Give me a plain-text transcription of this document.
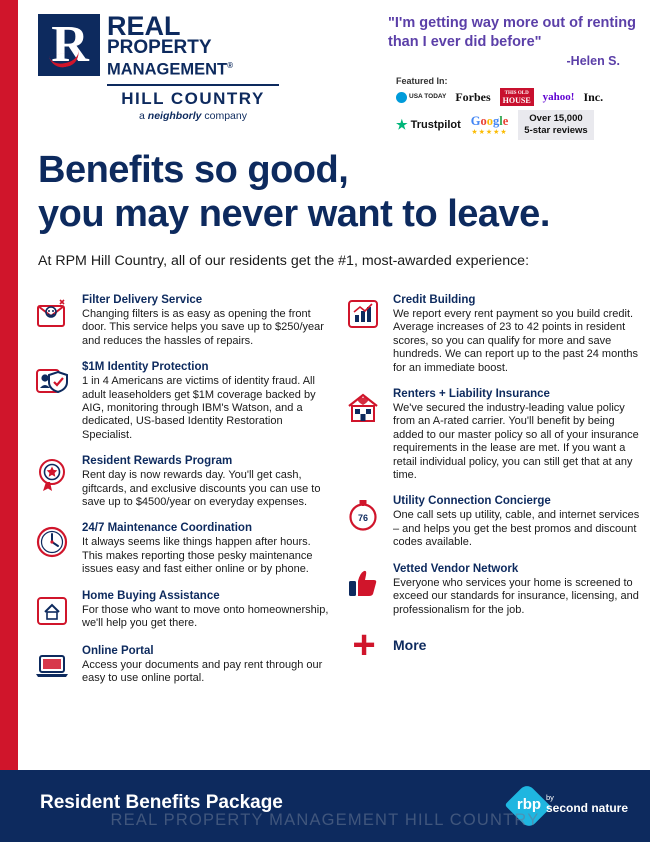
R REAL
PROPERTY
MANAGEMENT®
HILL COUNTRY
a neighborly company
"I'm getting way more out of renting than I ever did before"
-Helen S.
Featured In:
USA TODAY Forbes	THIS OLD
HOUSE yahoo! Inc.
★ Trustpilot Google
★★★★★
Over 15,000
5-star reviews
Benefits so good,
you may never want to leave.
At RPM Hill Country, all of our residents get the #1, most-awarded experience:
Filter Delivery Service
Changing filters is as easy as opening the front door. This service helps you save up to $250/year and reduces the hassles of repairs.
$1M Identity Protection
1 in 4 Americans are victims of identity fraud. All adult leaseholders get $1M coverage backed by AIG, monitoring through IBM's Watson, and a dedicated, US-based Identity Restoration Specialist.
Resident Rewards Program
Rent day is now rewards day. You'll get cash, giftcards, and exclusive discounts you can use to save up to $4500/year on everyday expenses.
24/7 Maintenance Coordination
It always seems like things happen after hours. This makes reporting those pesky maintenance issues easy and fast either online or by phone.
Home Buying Assistance
For those who want to move onto homeownership, we'll help you get there.
Online Portal
Access your documents and pay rent through our easy to use online portal.
Credit Building
We report every rent payment so you build credit. Average increases of 23 to 42 points in resident scores, so you can qualify for more and save hundreds. We can report up to the past 24 months for an immediate boost.
Renters + Liability Insurance
We've secured the industry-leading value policy from an A-rated carrier. You'll benefit by being added to our master policy so all of your insurance requirements in the lease are met. If you want a retail individual policy, you can still get that at any time.
76
Utility Connection Concierge
One call sets up utility, cable, and internet services – and helps you get the best promos and discount codes available.
Vetted Vendor Network
Everyone who services your home is screened to exceed our standards for insurance, licensing, and professionalism for the job.
+	More
Resident Benefits Package	rbp by
second nature
REAL PROPERTY MANAGEMENT HILL COUNTRY
